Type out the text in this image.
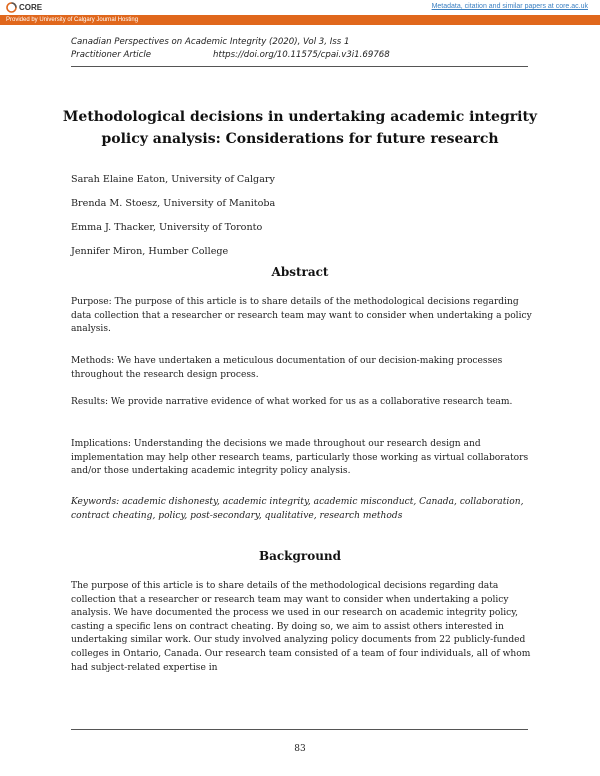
CORE	Metadata, citation and similar papers at core.ac.uk
Provided by University of Calgary Journal Hosting
Canadian Perspectives on Academic Integrity (2020), Vol 3, Iss 1
Practitioner Article	https://doi.org/10.11575/cpai.v3i1.69768
Methodological decisions in undertaking academic integrity policy analysis: Considerations for future research
Sarah Elaine Eaton, University of Calgary
Brenda M. Stoesz, University of Manitoba
Emma J. Thacker, University of Toronto
Jennifer Miron, Humber College
Abstract
Purpose: The purpose of this article is to share details of the methodological decisions regarding data collection that a researcher or research team may want to consider when undertaking a policy analysis.
Methods: We have undertaken a meticulous documentation of our decision-making processes throughout the research design process.
Results: We provide narrative evidence of what worked for us as a collaborative research team.
Implications: Understanding the decisions we made throughout our research design and implementation may help other research teams, particularly those working as virtual collaborators and/or those undertaking academic integrity policy analysis.
Keywords: academic dishonesty, academic integrity, academic misconduct, Canada, collaboration, contract cheating, policy, post-secondary, qualitative, research methods
Background
The purpose of this article is to share details of the methodological decisions regarding data collection that a researcher or research team may want to consider when undertaking a policy analysis. We have documented the process we used in our research on academic integrity policy, casting a specific lens on contract cheating. By doing so, we aim to assist others interested in undertaking similar work. Our study involved analyzing policy documents from 22 publicly-funded colleges in Ontario, Canada. Our research team consisted of a team of four individuals, all of whom had subject-related expertise in
83
